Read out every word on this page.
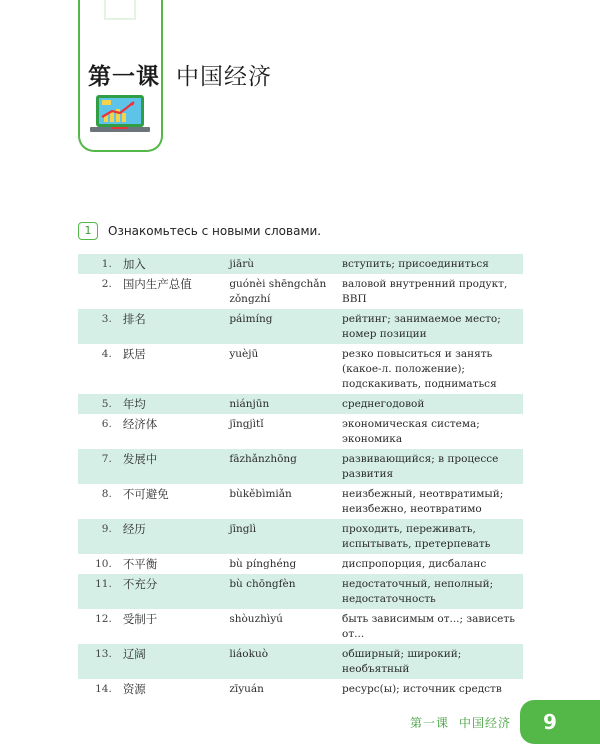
第一课 中国经济
1	Ознакомьтесь с новыми словами.
1.	加入	jiārù	вступить; присоединиться
2.	国内生产总值	guónèi shēngchǎn zǒngzhí	валовой внутренний продукт, ВВП
3.	排名	páimíng	рейтинг; занимаемое место; номер позиции
4.	跃居	yuèjū	резко повыситься и занять (какое-л. положение); подскакивать, подниматься
5.	年均	niánjūn	среднегодовой
6.	经济体	jīngjìtǐ	экономическая система; экономика
7.	发展中	fāzhǎnzhōng	развивающийся; в процессе развития
8.	不可避免	bùkěbìmiǎn	неизбежный, неотвратимый; неизбежно, неотвратимо
9.	经历	jīnglì	проходить, переживать, испытывать, претерпевать
10.	不平衡	bù pínghéng	диспропорция, дисбаланс
11.	不充分	bù chōngfèn	недостаточный, неполный; недостаточность
12.	受制于	shòuzhìyú	быть зависимым от...; зависеть от...
13.	辽阔	liáokuò	обширный; широкий; необъятный
14.	资源	zīyuán	ресурс(ы); источник средств
第一课 中国经济	9
